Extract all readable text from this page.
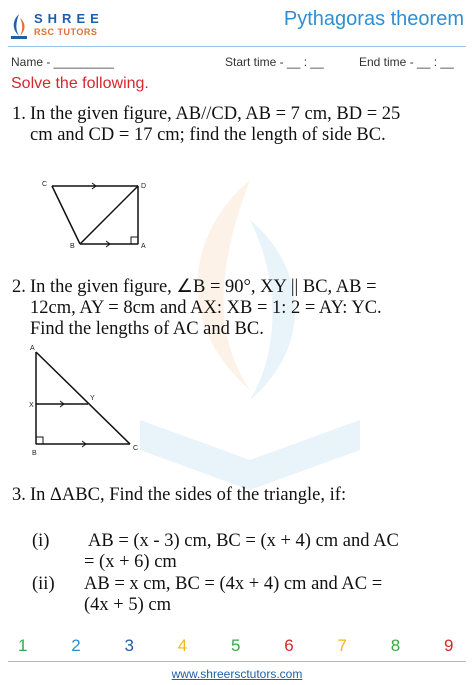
SHREE
RSC TUTORS
Pythagoras theorem
Name - _________	Start time - __ : __	End time - __ : __
Solve the following.
1. In the given figure, AB//CD, AB = 7 cm, BD = 25
cm and CD = 17 cm; find the length of side BC.
C	D
B	A
2. In the given figure, ∠B = 90°, XY || BC, AB =
12cm, AY = 8cm and AX: XB = 1: 2 = AY: YC.
Find the lengths of AC and BC.
A
X
Y
B
C
3. In ΔABC, Find the sides of the triangle, if:
(i) AB = (x - 3) cm, BC = (x + 4) cm and AC
= (x + 6) cm
(ii) AB = x cm, BC = (4x + 4) cm and AC =
(4x + 5) cm
1	2	3	4	5	6	7	8	9
www.shreersctutors.com
